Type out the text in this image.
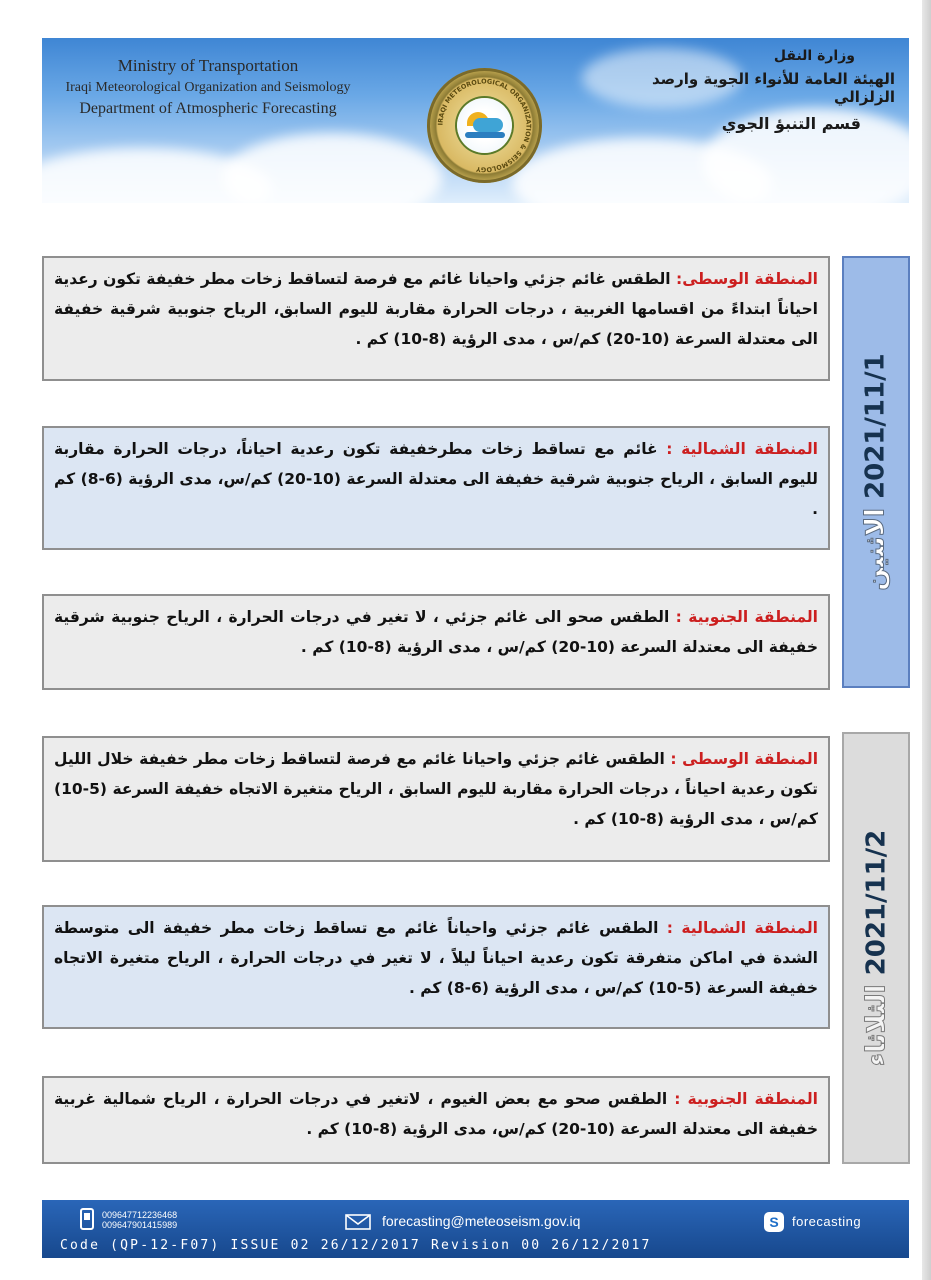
Ministry of Transportation
Iraqi Meteorological Organization and Seismology
Department of Atmospheric Forecasting
IRAQI METEOROLOGICAL ORGANIZATION & SEISMOLOGY
وزارة النقل
الهيئة العامة للأنواء الجوية وارصد الزلزالي
قسم التنبؤ الجوي
المنطقة الوسطى: الطقس غائم جزئي واحيانا غائم مع فرصة لتساقط زخات مطر خفيفة تكون رعدية احياناً ابتداءً من اقسامها الغربية ، درجات الحرارة مقاربة لليوم السابق، الرياح جنوبية شرقية خفيفة الى معتدلة السرعة (10-20) كم/س ، مدى الرؤية (8-10) كم .
المنطقة الشمالية : غائم مع تساقط زخات مطرخفيفة تكون رعدية احياناً، درجات الحرارة مقاربة لليوم السابق ، الرياح جنوبية شرقية خفيفة الى معتدلة السرعة (10-20) كم/س، مدى الرؤية (6-8) كم .
المنطقة الجنوبية : الطقس صحو الى غائم جزئي ، لا تغير في درجات الحرارة ، الرياح جنوبية شرقية خفيفة الى معتدلة السرعة (10-20) كم/س ، مدى الرؤية (8-10) كم .
2021/11/1 الاثنين
المنطقة الوسطى : الطقس غائم جزئي واحيانا غائم مع فرصة لتساقط زخات مطر خفيفة خلال الليل تكون رعدية احياناً ، درجات الحرارة مقاربة لليوم السابق ، الرياح متغيرة الاتجاه خفيفة السرعة (5-10) كم/س ، مدى الرؤية (8-10) كم .
المنطقة الشمالية : الطقس غائم جزئي واحياناً غائم مع تساقط زخات مطر خفيفة الى متوسطة الشدة في اماكن متفرقة تكون رعدية احياناً ليلاً ، لا تغير في درجات الحرارة ، الرياح متغيرة الاتجاه خفيفة السرعة (5-10) كم/س ، مدى الرؤية (6-8) كم .
المنطقة الجنوبية : الطقس صحو مع بعض الغيوم ، لاتغير في درجات الحرارة ، الرياح شمالية غربية خفيفة الى معتدلة السرعة (10-20) كم/س، مدى الرؤية (8-10) كم .
2021/11/2 الثلاثاء
009647712236468
009647901415989	forecasting@meteoseism.gov.iq	S	forecasting
Code (QP-12-F07) ISSUE 02 26/12/2017 Revision 00 26/12/2017
